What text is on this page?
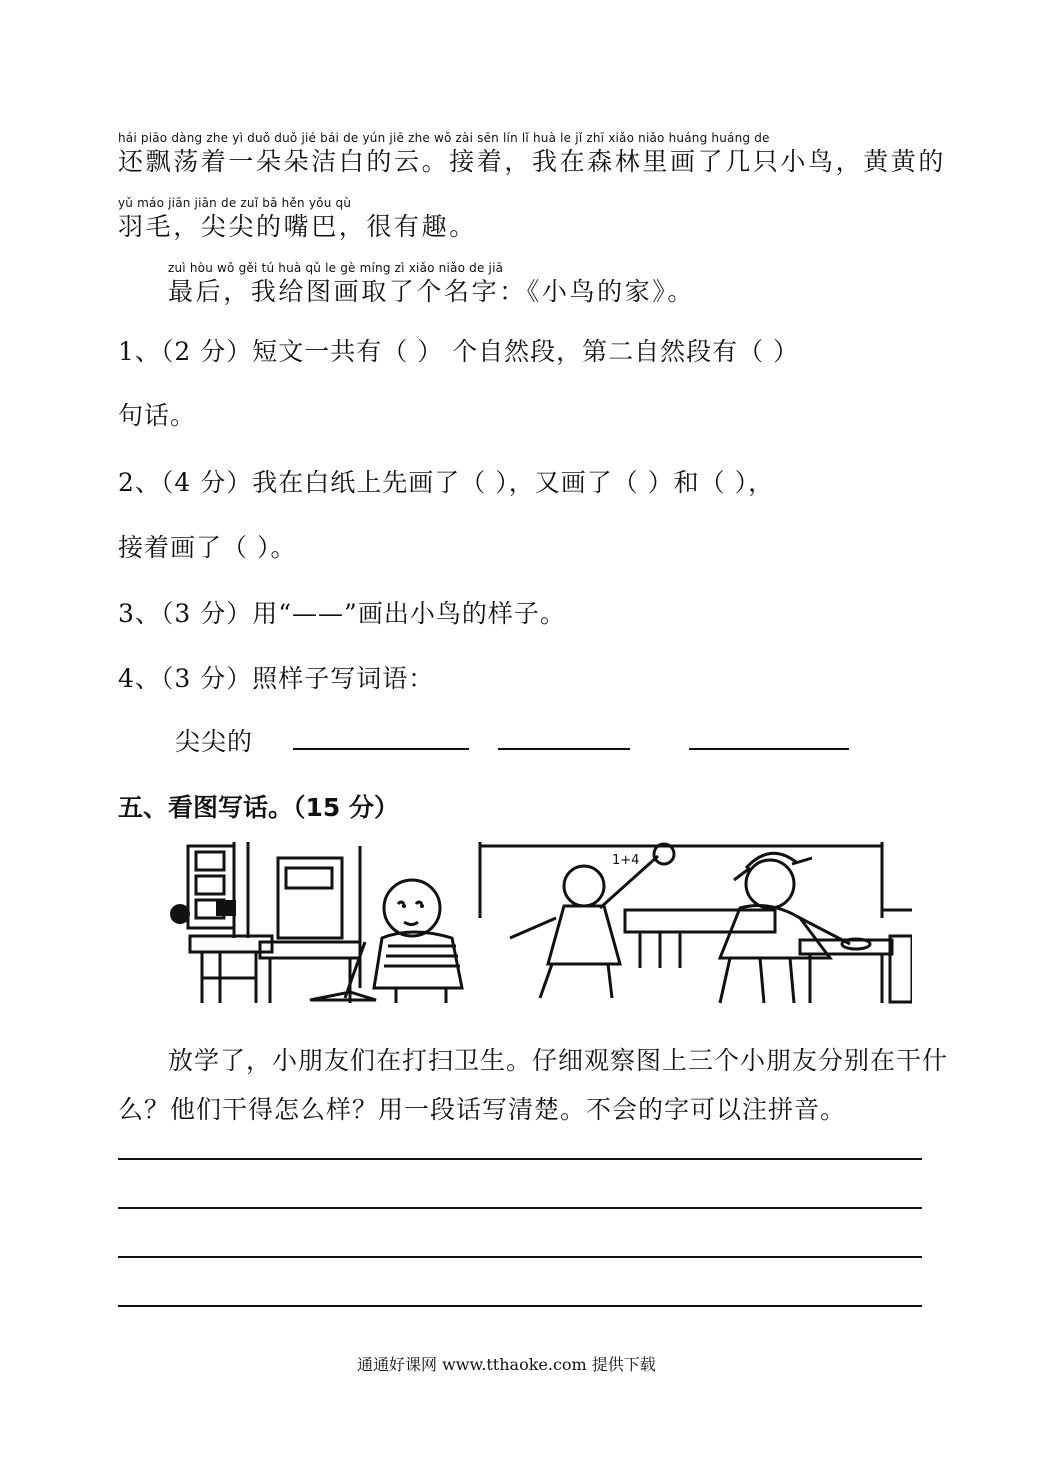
hái piāo dàng zhe yì duǒ duǒ jié bái de yún jiē zhe wǒ zài sēn lín lǐ huà le jǐ zhī xiǎo niǎo huáng huáng de
还飘荡着一朵朵洁白的云。接着，我在森林里画了几只小鸟，黄黄的
yǔ máo jiān jiān de zuǐ bā hěn yǒu qù
羽毛，尖尖的嘴巴，很有趣。
zuì hòu wǒ gěi tú huà qǔ le gè míng zì xiǎo niǎo de jiā
最后，我给图画取了个名字：《小鸟的家》。
1、（2 分）短文一共有（ ） 个自然段，第二自然段有（ ）
句话。
2、（4 分）我在白纸上先画了（ ），又画了（ ）和（ ），
接着画了（ ）。
3、（3 分）用“——”画出小鸟的样子。
4、（3 分）照样子写词语：
尖尖的
五、看图写话。（15 分）
1+4
放学了，小朋友们在打扫卫生。仔细观察图上三个小朋友分别在干什
么？他们干得怎么样？用一段话写清楚。不会的字可以注拼音。
通通好课网 www.tthaoke.com 提供下载
